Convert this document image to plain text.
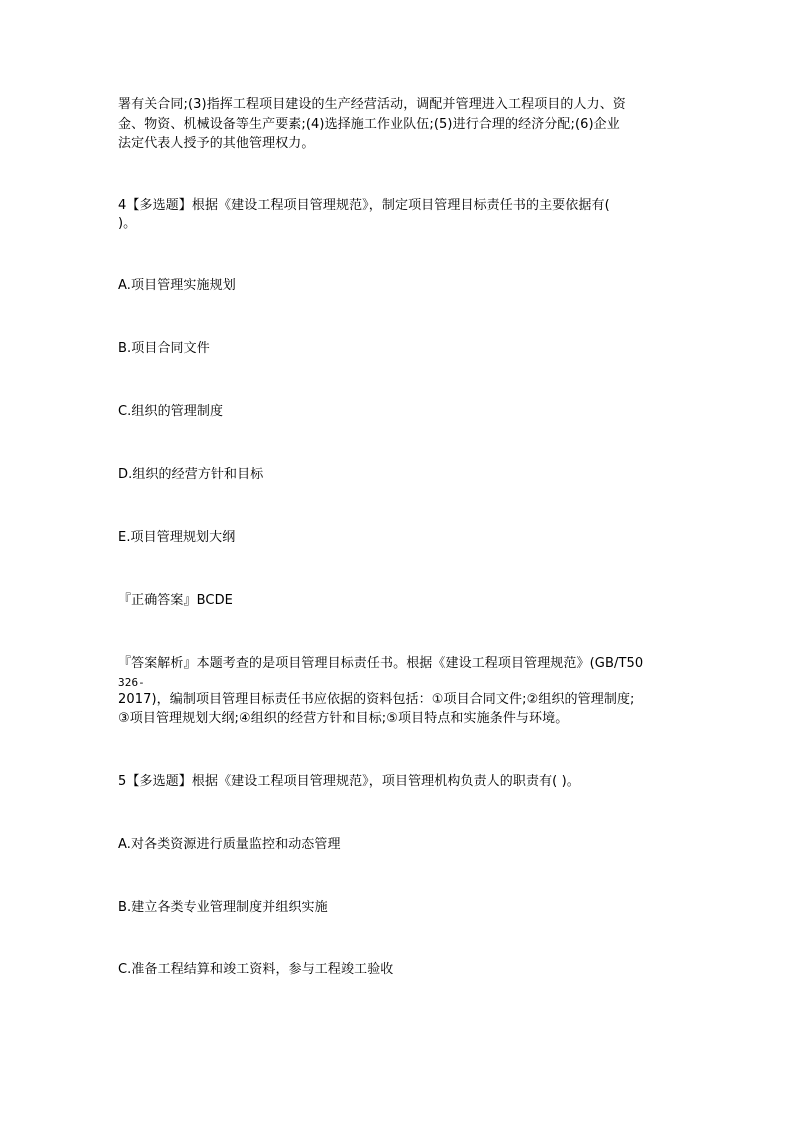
署有关合同;(3)指挥工程项目建设的生产经营活动，调配并管理进入工程项目的人力、资
金、物资、机械设备等生产要素;(4)选择施工作业队伍;(5)进行合理的经济分配;(6)企业
法定代表人授予的其他管理权力。
4【多选题】根据《建设工程项目管理规范》，制定项目管理目标责任书的主要依据有(
)。
A.项目管理实施规划
B.项目合同文件
C.组织的管理制度
D.组织的经营方针和目标
E.项目管理规划大纲
『正确答案』BCDE
『答案解析』本题考查的是项目管理目标责任书。根据《建设工程项目管理规范》(GB/T50
326-
2017)，编制项目管理目标责任书应依据的资料包括：①项目合同文件;②组织的管理制度;
③项目管理规划大纲;④组织的经营方针和目标;⑤项目特点和实施条件与环境。
5【多选题】根据《建设工程项目管理规范》，项目管理机构负责人的职责有( )。
A.对各类资源进行质量监控和动态管理
B.建立各类专业管理制度并组织实施
C.准备工程结算和竣工资料，参与工程竣工验收
